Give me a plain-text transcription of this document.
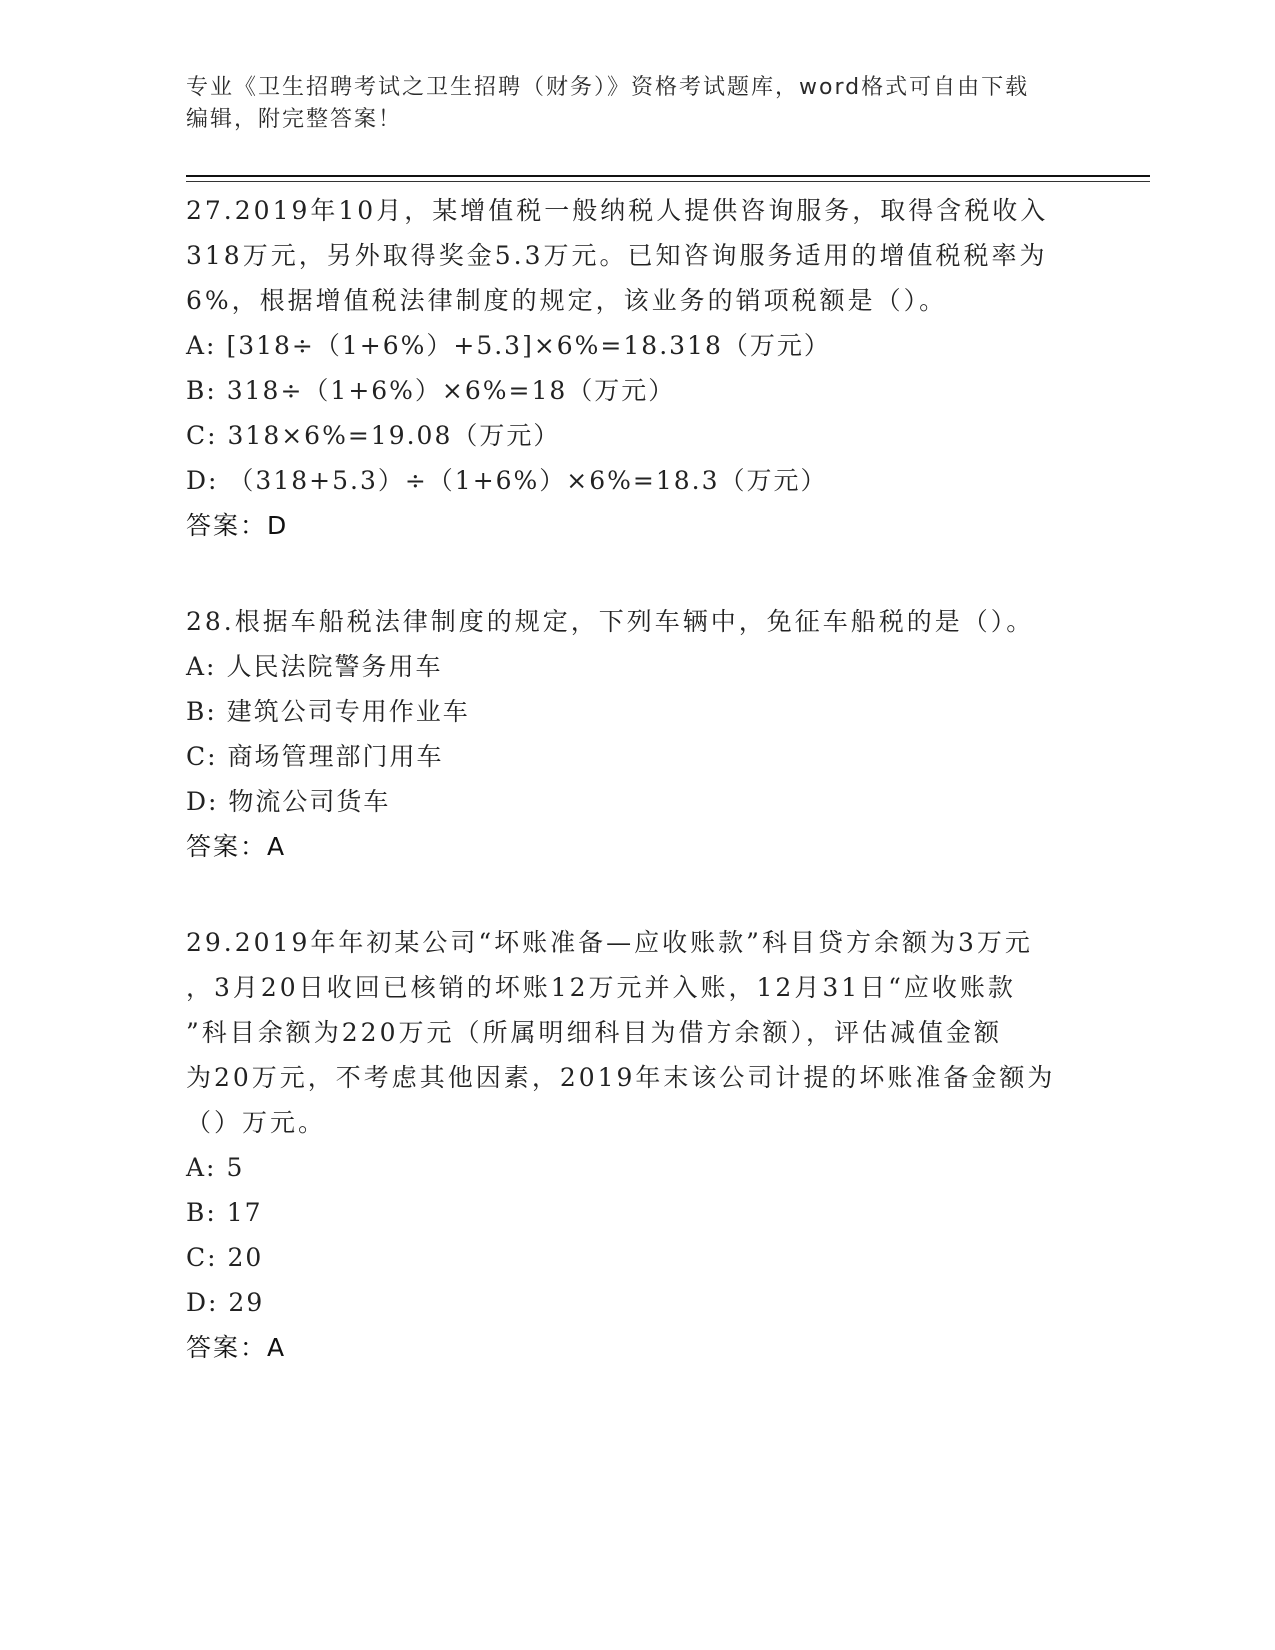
专业《卫生招聘考试之卫生招聘（财务）》资格考试题库，word格式可自由下载
编辑，附完整答案！
27.2019年10月，某增值税一般纳税人提供咨询服务，取得含税收入
318万元，另外取得奖金5.3万元。已知咨询服务适用的增值税税率为
6%，根据增值税法律制度的规定，该业务的销项税额是（）。
A: [318÷（1+6%）+5.3]×6%=18.318（万元）
B: 318÷（1+6%）×6%=18（万元）
C: 318×6%=19.08（万元）
D: （318+5.3）÷（1+6%）×6%=18.3（万元）
答案：D
28.根据车船税法律制度的规定，下列车辆中，免征车船税的是（）。
A: 人民法院警务用车
B: 建筑公司专用作业车
C: 商场管理部门用车
D: 物流公司货车
答案：A
29.2019年年初某公司“坏账准备—应收账款”科目贷方余额为3万元
，3月20日收回已核销的坏账12万元并入账，12月31日“应收账款
”科目余额为220万元（所属明细科目为借方余额），评估减值金额
为20万元，不考虑其他因素，2019年末该公司计提的坏账准备金额为
（）万元。
A: 5
B: 17
C: 20
D: 29
答案：A
